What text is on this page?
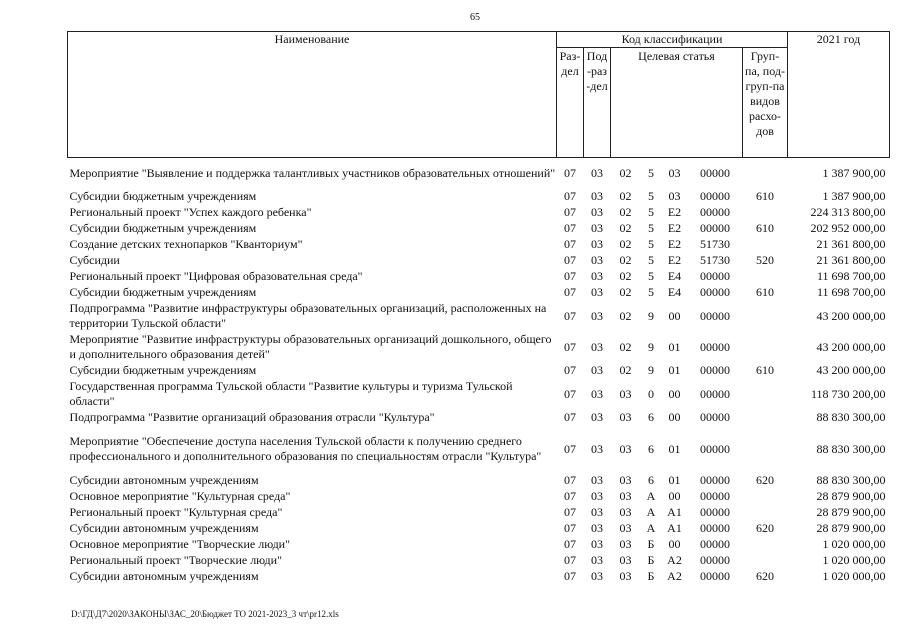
65
Наименование	Код классификации							2021 год

	Раз-дел	Под-раз-дел	Целевая статья				Груп-па, под-груп-па видов расхо-дов	

Мероприятие "Выявление и поддержка талантливых участников образовательных отношений"	07	03	02	5	03	00000		1 387 900,00
Субсидии бюджетным учреждениям	07	03	02	5	03	00000	610	1 387 900,00
Региональный проект "Успех каждого ребенка"	07	03	02	5	E2	00000		224 313 800,00
Субсидии бюджетным учреждениям	07	03	02	5	E2	00000	610	202 952 000,00
Создание детских технопарков "Кванториум"	07	03	02	5	E2	51730		21 361 800,00
Субсидии	07	03	02	5	E2	51730	520	21 361 800,00
Региональный проект "Цифровая образовательная среда"	07	03	02	5	E4	00000		11 698 700,00
Субсидии бюджетным учреждениям	07	03	02	5	E4	00000	610	11 698 700,00
Подпрограмма "Развитие инфраструктуры образовательных организаций, расположенных на территории Тульской области"	07	03	02	9	00	00000		43 200 000,00
Мероприятие "Развитие инфраструктуры образовательных организаций дошкольного, общего и дополнительного образования детей"	07	03	02	9	01	00000		43 200 000,00
Субсидии бюджетным учреждениям	07	03	02	9	01	00000	610	43 200 000,00
Государственная программа Тульской области "Развитие культуры и туризма Тульской области"	07	03	03	0	00	00000		118 730 200,00
Подпрограмма "Развитие организаций образования отрасли "Культура"	07	03	03	6	00	00000		88 830 300,00
Мероприятие "Обеспечение доступа населения Тульской области к получению среднего профессионального и дополнительного образования по специальностям отрасли "Культура"	07	03	03	6	01	00000		88 830 300,00
Субсидии автономным учреждениям	07	03	03	6	01	00000	620	88 830 300,00
Основное мероприятие "Культурная среда"	07	03	03	А	00	00000		28 879 900,00
Региональный проект "Культурная среда"	07	03	03	А	А1	00000		28 879 900,00
Субсидии автономным учреждениям	07	03	03	А	А1	00000	620	28 879 900,00
Основное мероприятие "Творческие люди"	07	03	03	Б	00	00000		1 020 000,00
Региональный проект "Творческие люди"	07	03	03	Б	А2	00000		1 020 000,00
Субсидии автономным учреждениям	07	03	03	Б	А2	00000	620	1 020 000,00
D:\ГД\Д7\2020\ЗАКОНЫ\ЗАС_20\Бюджет ТО 2021-2023_3 чт\pr12.xls
